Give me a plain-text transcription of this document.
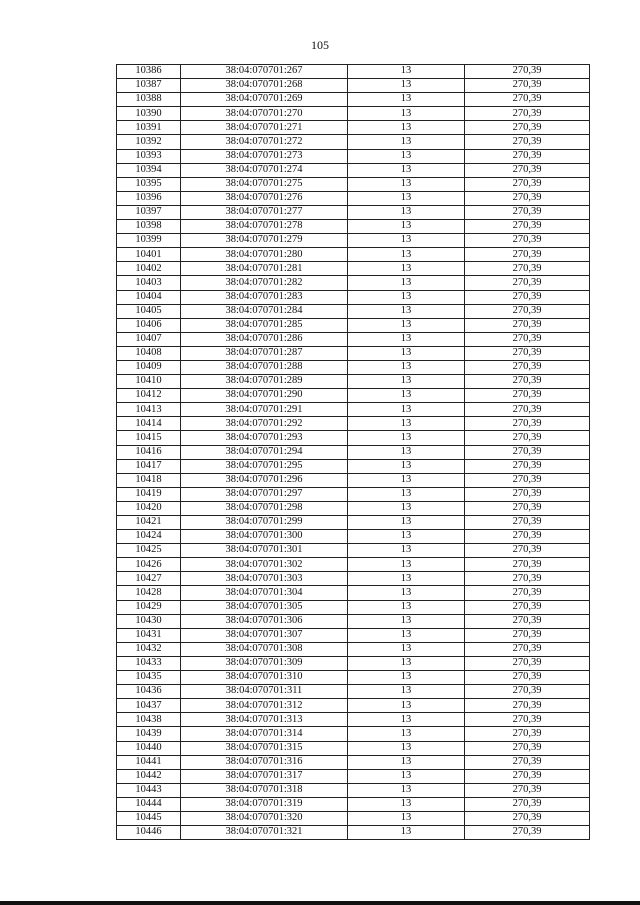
105
10386	38:04:070701:267	13	270,39
10387	38:04:070701:268	13	270,39
10388	38:04:070701:269	13	270,39
10390	38:04:070701:270	13	270,39
10391	38:04:070701:271	13	270,39
10392	38:04:070701:272	13	270,39
10393	38:04:070701:273	13	270,39
10394	38:04:070701:274	13	270,39
10395	38:04:070701:275	13	270,39
10396	38:04:070701:276	13	270,39
10397	38:04:070701:277	13	270,39
10398	38:04:070701:278	13	270,39
10399	38:04:070701:279	13	270,39
10401	38:04:070701:280	13	270,39
10402	38:04:070701:281	13	270,39
10403	38:04:070701:282	13	270,39
10404	38:04:070701:283	13	270,39
10405	38:04:070701:284	13	270,39
10406	38:04:070701:285	13	270,39
10407	38:04:070701:286	13	270,39
10408	38:04:070701:287	13	270,39
10409	38:04:070701:288	13	270,39
10410	38:04:070701:289	13	270,39
10412	38:04:070701:290	13	270,39
10413	38:04:070701:291	13	270,39
10414	38:04:070701:292	13	270,39
10415	38:04:070701:293	13	270,39
10416	38:04:070701:294	13	270,39
10417	38:04:070701:295	13	270,39
10418	38:04:070701:296	13	270,39
10419	38:04:070701:297	13	270,39
10420	38:04:070701:298	13	270,39
10421	38:04:070701:299	13	270,39
10424	38:04:070701:300	13	270,39
10425	38:04:070701:301	13	270,39
10426	38:04:070701:302	13	270,39
10427	38:04:070701:303	13	270,39
10428	38:04:070701:304	13	270,39
10429	38:04:070701:305	13	270,39
10430	38:04:070701:306	13	270,39
10431	38:04:070701:307	13	270,39
10432	38:04:070701:308	13	270,39
10433	38:04:070701:309	13	270,39
10435	38:04:070701:310	13	270,39
10436	38:04:070701:311	13	270,39
10437	38:04:070701:312	13	270,39
10438	38:04:070701:313	13	270,39
10439	38:04:070701:314	13	270,39
10440	38:04:070701:315	13	270,39
10441	38:04:070701:316	13	270,39
10442	38:04:070701:317	13	270,39
10443	38:04:070701:318	13	270,39
10444	38:04:070701:319	13	270,39
10445	38:04:070701:320	13	270,39
10446	38:04:070701:321	13	270,39
